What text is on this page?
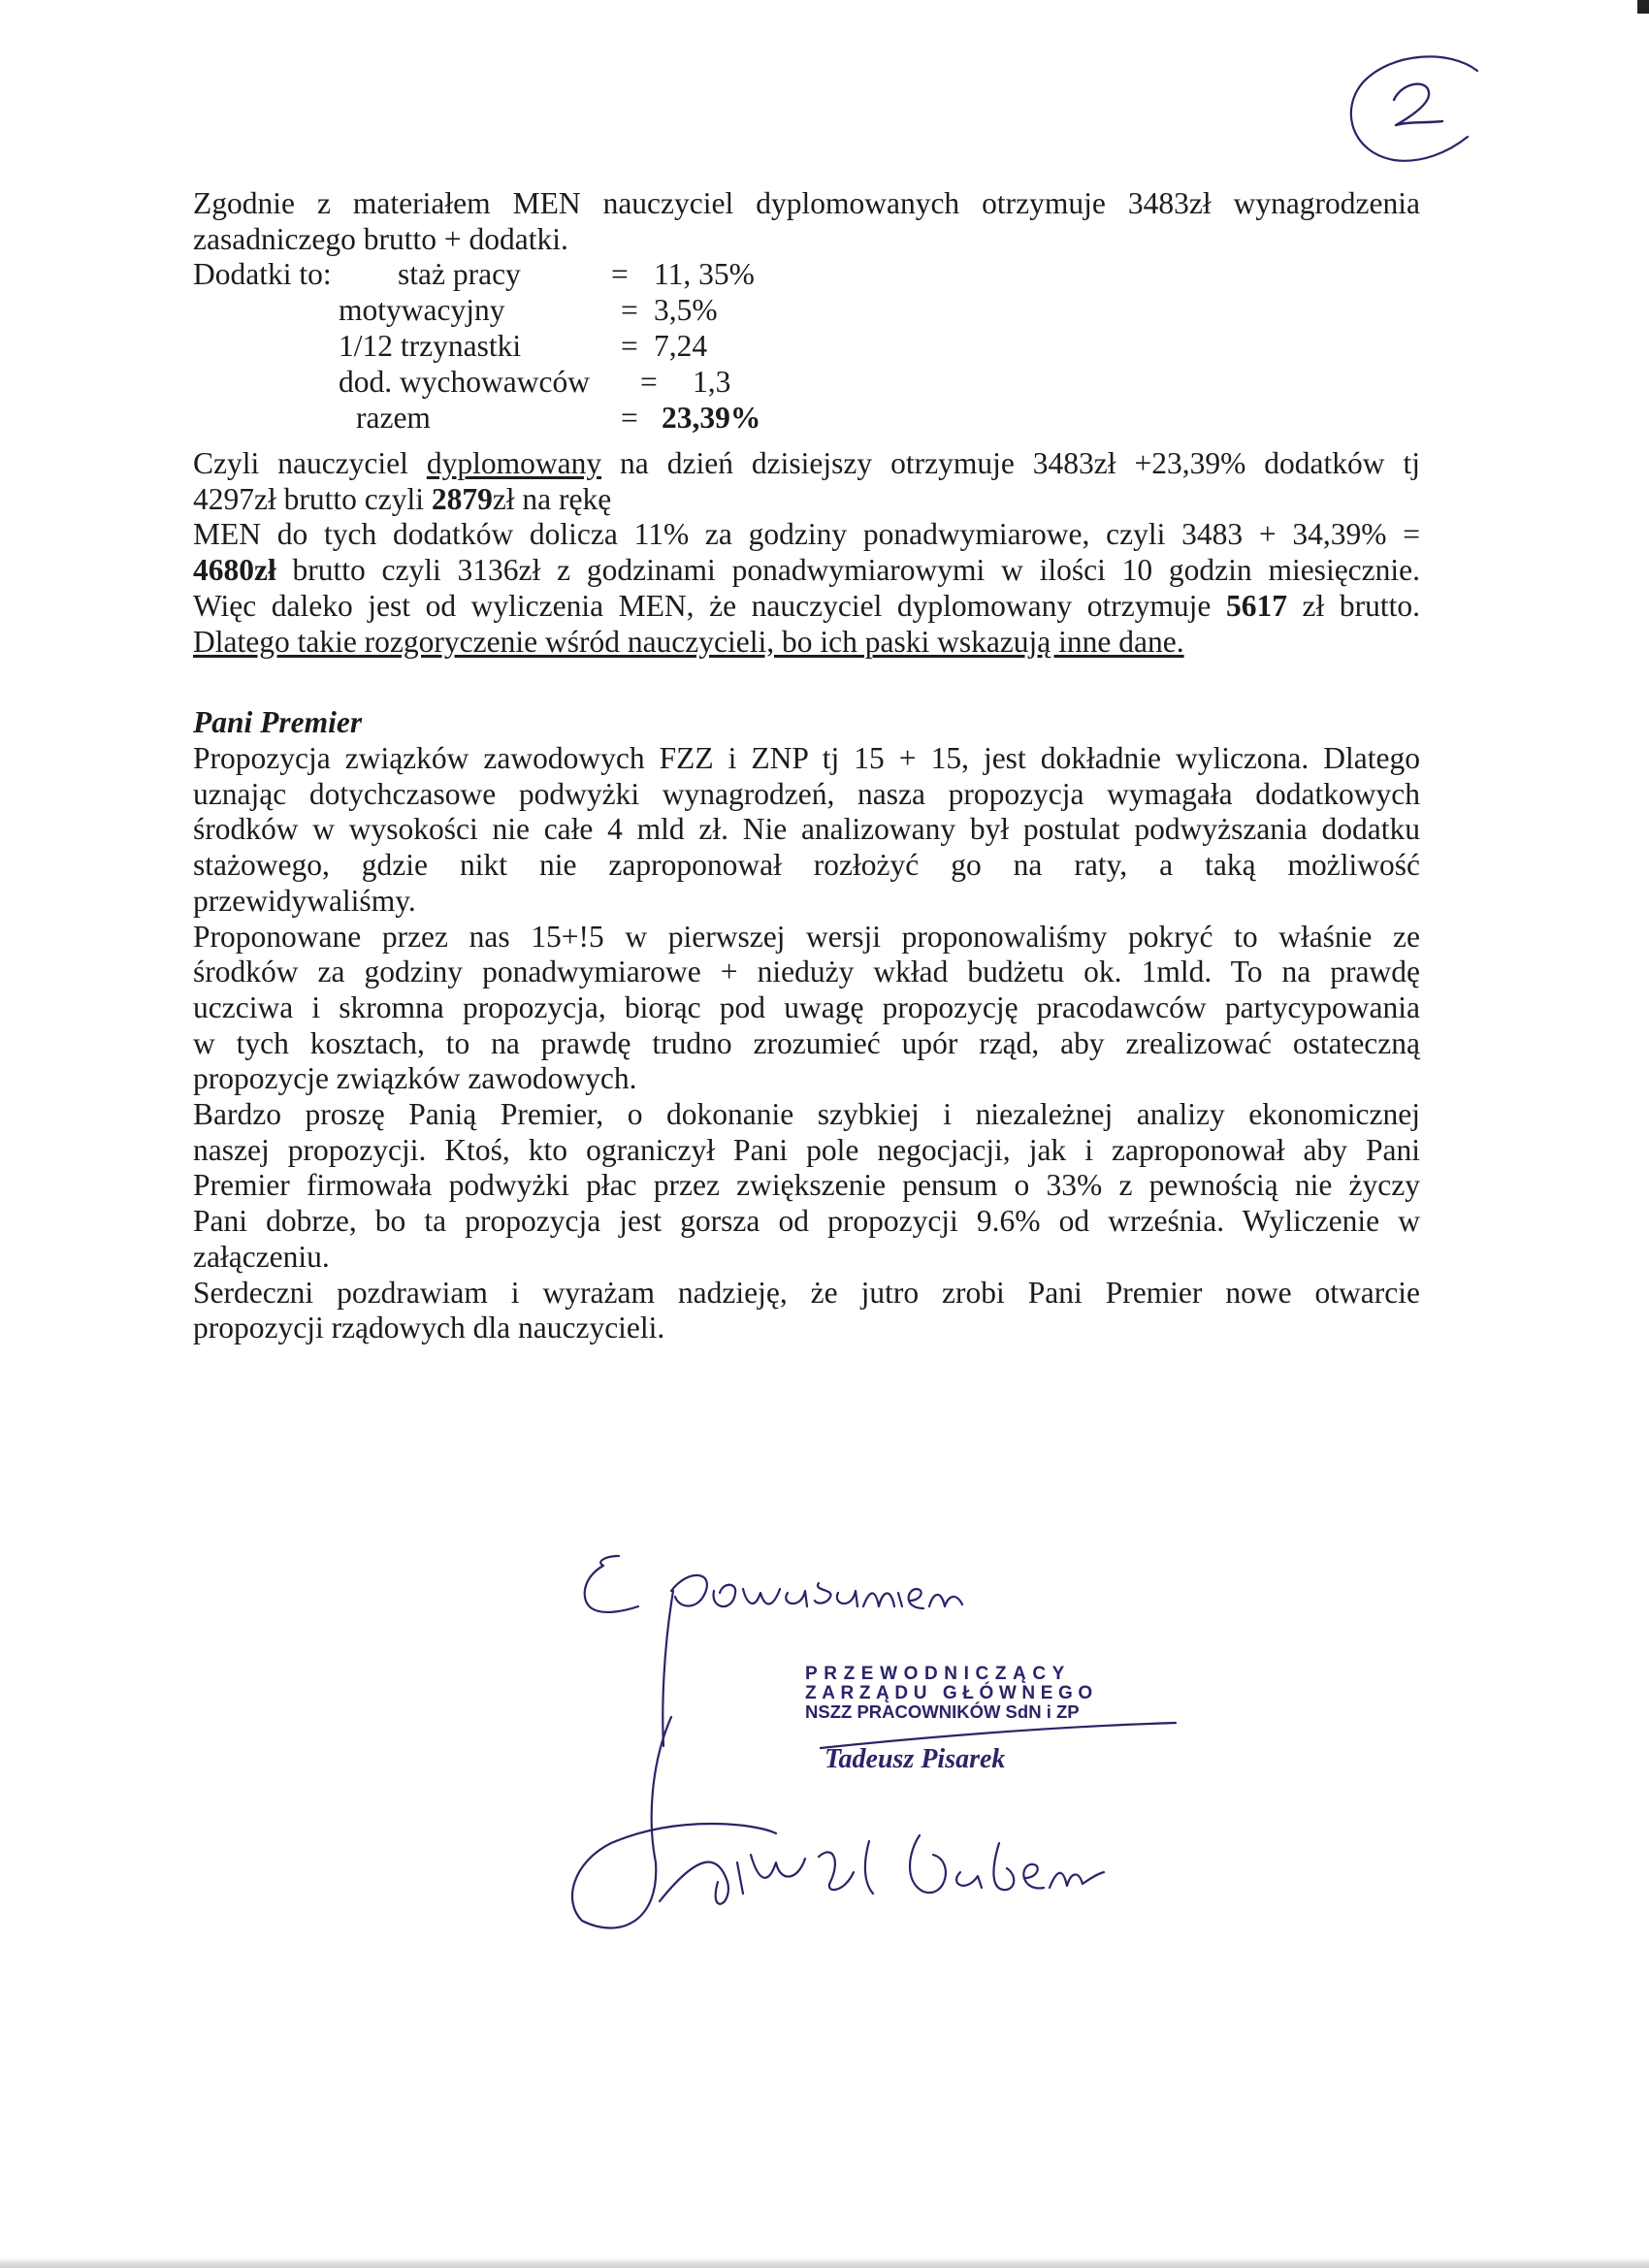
Zgodnie z materiałem MEN nauczyciel dyplomowanych otrzymuje 3483zł wynagrodzenia

zasadniczego brutto + dodatki.

Dodatki to: staż pracy	= 11, 35%
motywacyjny	= 3,5%
1/12 trzynastki	= 7,24
dod. wychowawców = 1,3
razem	= 23,39%

Czyli nauczyciel dyplomowany na dzień dzisiejszy otrzymuje 3483zł +23,39% dodatków tj

4297zł brutto czyli 2879zł na rękę

MEN do tych dodatków dolicza 11% za godziny ponadwymiarowe, czyli 3483 + 34,39% =

4680zł brutto czyli 3136zł z godzinami ponadwymiarowymi w ilości 10 godzin miesięcznie.

Więc daleko jest od wyliczenia MEN, że nauczyciel dyplomowany otrzymuje 5617 zł brutto.

Dlatego takie rozgoryczenie wśród nauczycieli, bo ich paski wskazują inne dane.

Pani Premier

Propozycja związków zawodowych FZZ i ZNP tj 15 + 15, jest dokładnie wyliczona. Dlatego

uznając dotychczasowe podwyżki wynagrodzeń, nasza propozycja wymagała dodatkowych

środków w wysokości nie całe 4 mld zł. Nie analizowany był postulat podwyższania dodatku

stażowego, gdzie nikt nie zaproponował rozłożyć go na raty, a taką możliwość

przewidywaliśmy.

Proponowane przez nas 15+!5 w pierwszej wersji proponowaliśmy pokryć to właśnie ze

środków za godziny ponadwymiarowe + nieduży wkład budżetu ok. 1mld. To na prawdę

uczciwa i skromna propozycja, biorąc pod uwagę propozycję pracodawców partycypowania

w tych kosztach, to na prawdę trudno zrozumieć upór rząd, aby zrealizować ostateczną

propozycje związków zawodowych.

Bardzo proszę Panią Premier, o dokonanie szybkiej i niezależnej analizy ekonomicznej

naszej propozycji. Ktoś, kto ograniczył Pani pole negocjacji, jak i zaproponował aby Pani

Premier firmowała podwyżki płac przez zwiększenie pensum o 33% z pewnością nie życzy

Pani dobrze, bo ta propozycja jest gorsza od propozycji 9.6% od września. Wyliczenie w

załączeniu.

Serdeczni pozdrawiam i wyrażam nadzieję, że jutro zrobi Pani Premier nowe otwarcie

propozycji rządowych dla nauczycieli.

PRZEWODNICZĄCY
ZARZĄDU GŁÓWNEGO
NSZZ PRACOWNIKÓW SdN i ZP
Tadeusz Pisarek
